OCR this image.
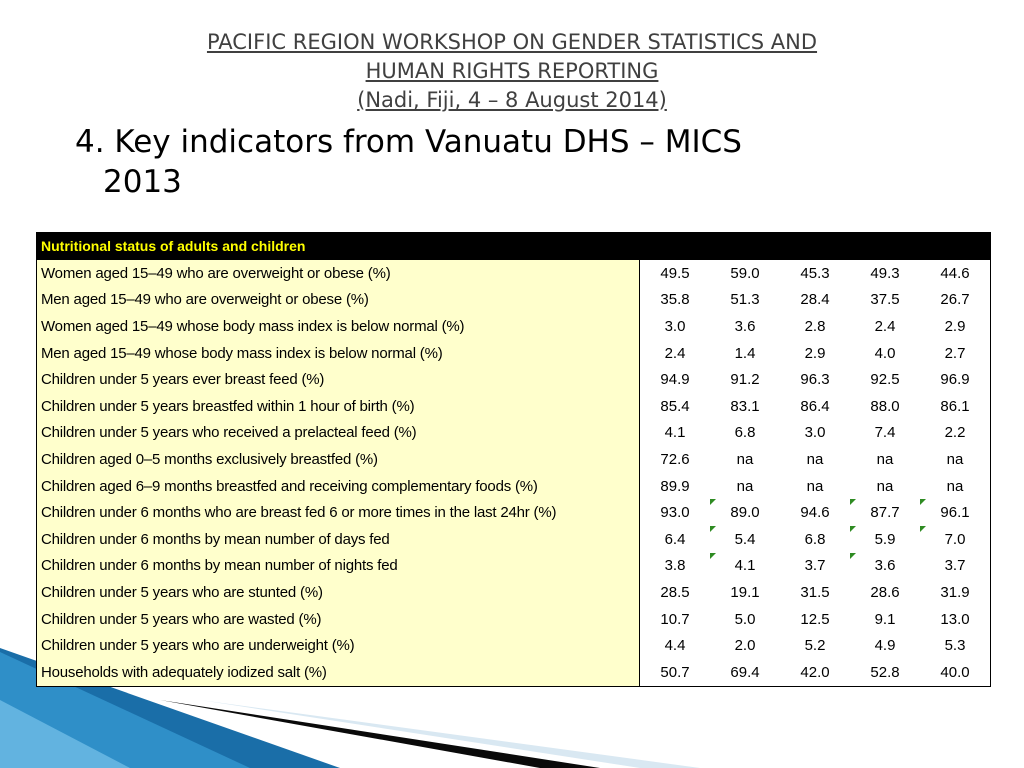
PACIFIC REGION WORKSHOP ON GENDER STATISTICS AND
HUMAN RIGHTS REPORTING
(Nadi, Fiji, 4 – 8 August 2014)
4. Key indicators from Vanuatu DHS – MICS
2013
Nutritional status of adults and children					
Women aged 15–49 who are overweight or obese (%)	49.5	59.0	45.3	49.3	44.6
Men aged 15–49 who are overweight or obese (%)	35.8	51.3	28.4	37.5	26.7
Women aged 15–49 whose body mass index is below normal (%)	3.0	3.6	2.8	2.4	2.9
Men aged 15–49 whose body mass index is below normal (%)	2.4	1.4	2.9	4.0	2.7
Children under 5 years ever breast feed (%)	94.9	91.2	96.3	92.5	96.9
Children under 5 years breastfed within 1 hour of birth (%)	85.4	83.1	86.4	88.0	86.1
Children under 5 years who received a prelacteal feed (%)	4.1	6.8	3.0	7.4	2.2
Children aged 0–5 months exclusively breastfed (%)	72.6	na	na	na	na
Children aged 6–9 months breastfed and receiving complementary foods (%)	89.9	na	na	na	na
Children under 6 months who are breast fed 6 or more times in the last 24hr (%)	93.0	89.0	94.6	87.7	96.1

Children under 6 months by mean number of days fed	6.4	5.4	6.8	5.9	7.0

Children under 6 months by mean number of nights fed	3.8	4.1	3.7	3.6	3.7
Children under 5 years who are stunted (%)	28.5	19.1	31.5	28.6	31.9
Children under 5 years who are wasted (%)	10.7	5.0	12.5	9.1	13.0
Children under 5 years who are underweight (%)	4.4	2.0	5.2	4.9	5.3
Households with adequately iodized salt (%)	50.7	69.4	42.0	52.8	40.0
